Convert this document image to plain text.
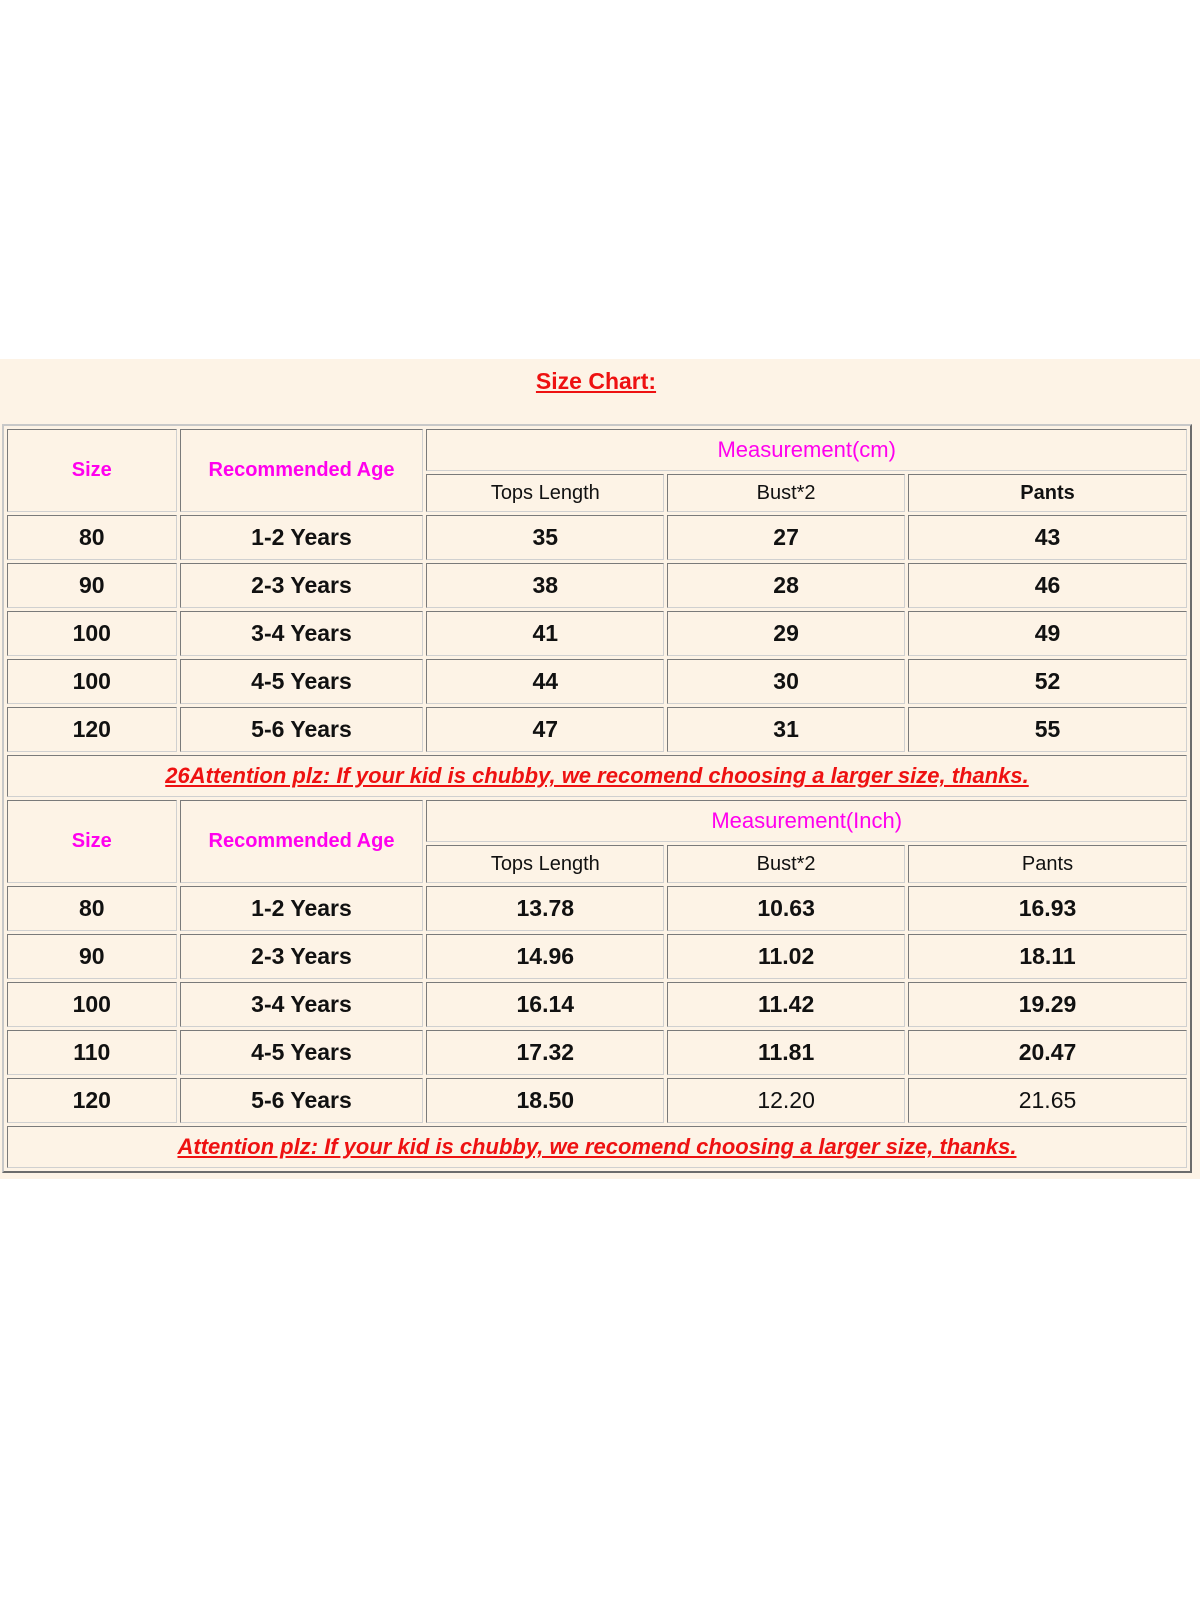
Size Chart:
Size	Recommended Age	Measurement(cm)		
		Tops Length	Bust*2	Pants
80	1-2 Years	35	27	43
90	2-3 Years	38	28	46
100	3-4 Years	41	29	49
100	4-5 Years	44	30	52
120	5-6 Years	47	31	55
26Attention plz: If your kid is chubby, we recomend choosing a larger size, thanks.				
Size	Recommended Age	Measurement(Inch)		
		Tops Length	Bust*2	Pants
80	1-2 Years	13.78	10.63	16.93
90	2-3 Years	14.96	11.02	18.11
100	3-4 Years	16.14	11.42	19.29
110	4-5 Years	17.32	11.81	20.47
120	5-6 Years	18.50	12.20	21.65
Attention plz: If your kid is chubby, we recomend choosing a larger size, thanks.				
